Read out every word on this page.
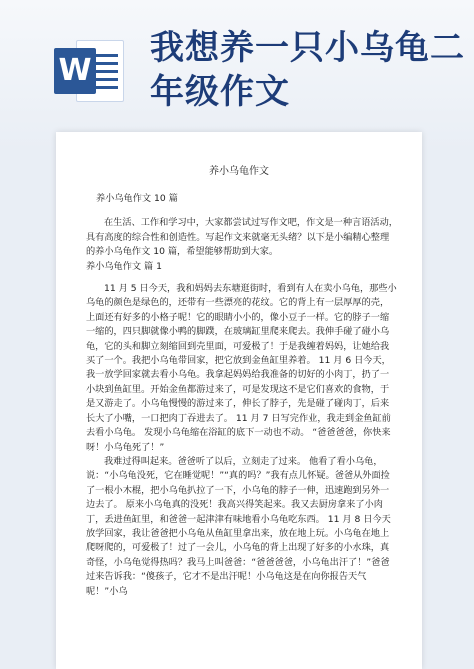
W
我想养一只小乌龟二年级作文
养小乌龟作文

养小乌龟作文 10 篇

在生活、工作和学习中，大家都尝试过写作文吧，作文是一种言语活动，具有高度的综合性和创造性。写起作文来就毫无头绪？以下是小编精心整理的养小乌龟作文 10 篇，希望能够帮助到大家。

养小乌龟作文 篇 1

11 月 5 日今天，我和妈妈去东塘逛街时，看到有人在卖小乌龟，那些小乌龟的颜色是绿色的，还带有一些漂亮的花纹。它的背上有一层厚厚的壳，上面还有好多的小格子呢！它的眼睛小小的，像小豆子一样。它的脖子一缩一缩的，四只脚就像小鸭的脚蹼，在玻璃缸里爬来爬去。我伸手碰了碰小乌龟，它的头和脚立刻缩回到壳里面，可爱极了！于是我缠着妈妈，让她给我买了一个。我把小乌龟带回家，把它放到金鱼缸里养着。 11 月 6 日今天，我一放学回家就去看小乌龟。我拿起妈妈给我准备的切好的小肉丁，扔了一小块到鱼缸里。开始金鱼都游过来了，可是发现这不是它们喜欢的食物，于是又游走了。小乌龟慢慢的游过来了，伸长了脖子，先是碰了碰肉丁，后来长大了小嘴，一口把肉丁吞进去了。 11 月 7 日写完作业，我走到金鱼缸前去看小乌龟。 发现小乌龟缩在浴缸的底下一动也不动。 “爸爸爸爸，你快来呀！小乌龟死了！”

我难过得叫起来。爸爸听了以后，立刻走了过来。 他看了看小乌龟，说：“小乌龟没死，它在睡觉呢！”“真的吗？”我有点儿怀疑。爸爸从外面捡了一根小木棍，把小乌龟扒拉了一下，小乌龟的脖子一伸，迅速跑到另外一边去了。 原来小乌龟真的没死！我高兴得笑起来。我又去厨房拿来了小肉丁，丢进鱼缸里，和爸爸一起津津有味地看小乌龟吃东西。 11 月 8 日今天放学回家，我让爸爸把小乌龟从鱼缸里拿出来，放在地上玩。小乌龟在地上爬呀爬的，可爱极了！过了一会儿，小乌龟的背上出现了好多的小水珠，真奇怪，小乌龟觉得热吗？我马上叫爸爸：“爸爸爸爸，小乌龟出汗了！”爸爸过来告诉我：“傻孩子，它才不是出汗呢！小乌龟这是在向你报告天气呢！”小乌
